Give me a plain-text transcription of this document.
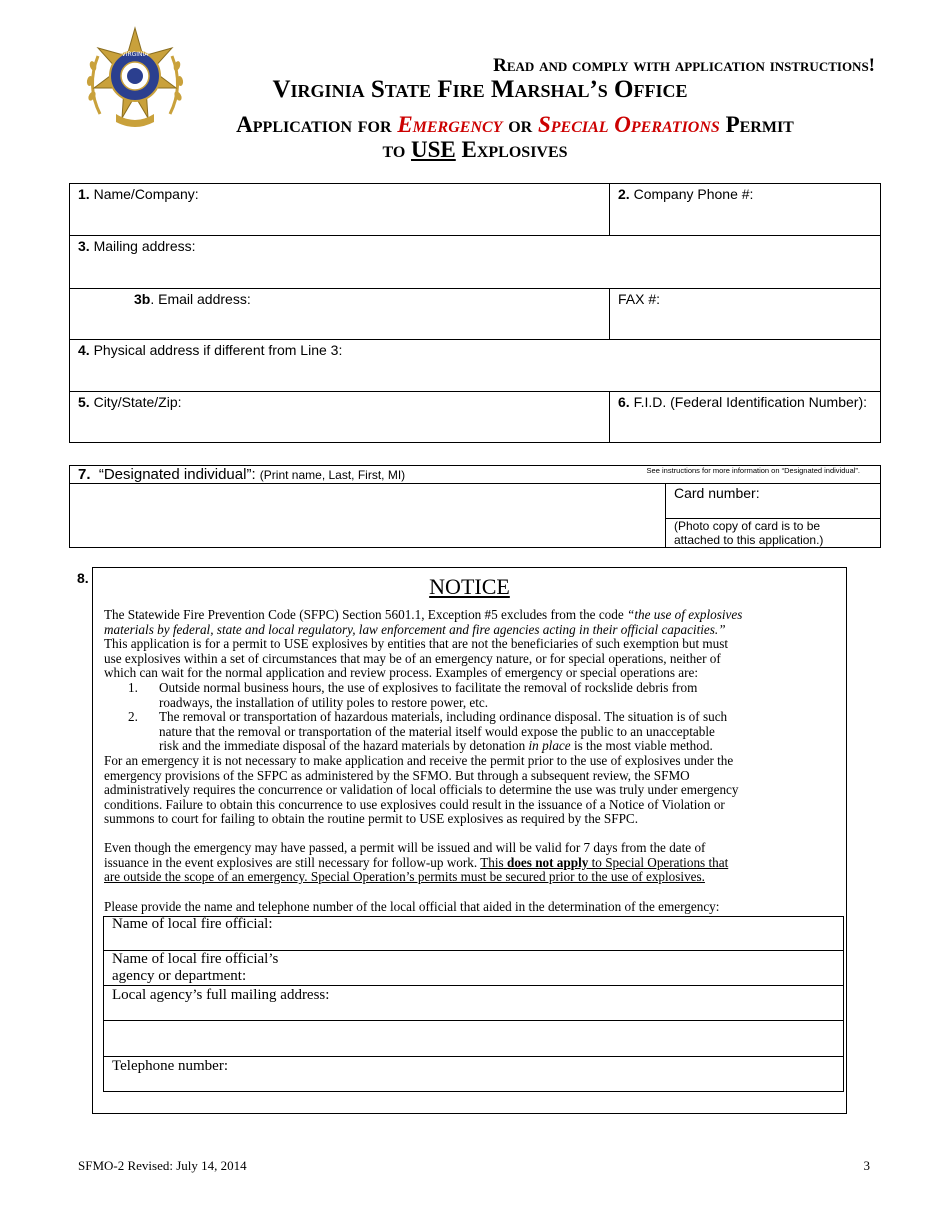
VIRGINIA
Read and comply with application instructions!
Virginia State Fire Marshal’s Office
Application for Emergency or Special Operations Permit
to USE Explosives
1. Name/Company:	2. Company Phone #:
3. Mailing address:
3b. Email address:	FAX #:
4. Physical address if different from Line 3:
5. City/State/Zip:	6. F.I.D. (Federal Identification Number):
7. “Designated individual”: (Print name, Last, First, MI)	See instructions for more information on “Designated individual”.
Card number:
(Photo copy of card is to be
attached to this application.)
8.	NOTICE
The Statewide Fire Prevention Code (SFPC) Section 5601.1, Exception #5 excludes from the code “the use of explosives
materials by federal, state and local regulatory, law enforcement and fire agencies acting in their official capacities.”
This application is for a permit to USE explosives by entities that are not the beneficiaries of such exemption but must
use explosives within a set of circumstances that may be of an emergency nature, or for special operations, neither of
which can wait for the normal application and review process. Examples of emergency or special operations are:
1. Outside normal business hours, the use of explosives to facilitate the removal of rockslide debris from
roadways, the installation of utility poles to restore power, etc.
2. The removal or transportation of hazardous materials, including ordinance disposal. The situation is of such
nature that the removal or transportation of the material itself would expose the public to an unacceptable
risk and the immediate disposal of the hazard materials by detonation in place is the most viable method.
For an emergency it is not necessary to make application and receive the permit prior to the use of explosives under the
emergency provisions of the SFPC as administered by the SFMO. But through a subsequent review, the SFMO
administratively requires the concurrence or validation of local officials to determine the use was truly under emergency
conditions. Failure to obtain this concurrence to use explosives could result in the issuance of a Notice of Violation or
summons to court for failing to obtain the routine permit to USE explosives as required by the SFPC.
Even though the emergency may have passed, a permit will be issued and will be valid for 7 days from the date of
issuance in the event explosives are still necessary for follow-up work. This does not apply to Special Operations that
are outside the scope of an emergency. Special Operation’s permits must be secured prior to the use of explosives.
Please provide the name and telephone number of the local official that aided in the determination of the emergency:
Name of local fire official:
Name of local fire official’s
agency or department:
Local agency’s full mailing address:
Telephone number:
SFMO-2 Revised: July 14, 2014	3
